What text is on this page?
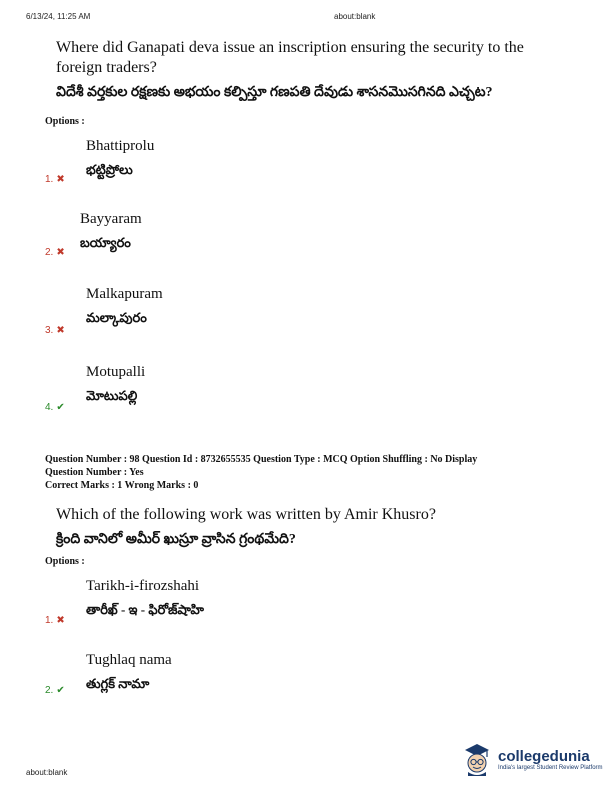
6/13/24, 11:25 AM	about:blank
Where did Ganapati deva issue an inscription ensuring the security to the foreign traders?
విదేశీ వర్తకుల రక్షణకు అభయం కల్పిస్తూ గణపతి దేవుడు శాసనమొసగినది ఎచ్చట?
Options :
Bhattiprolu
భట్టిప్రోలు
1. ✖
Bayyaram
బయ్యారం
2. ✖
Malkapuram
మల్కాపురం
3. ✖
Motupalli
మోటుపల్లి
4. ✔
Question Number : 98 Question Id : 8732655535 Question Type : MCQ Option Shuffling : No Display
Question Number : Yes
Correct Marks : 1 Wrong Marks : 0
Which of the following work was written by Amir Khusro?
క్రింది వానిలో అమీర్ ఖుస్రూ వ్రాసిన గ్రంథమేది?
Options :
Tarikh-i-firozshahi
తారీఖ్ - ఇ - ఫిరోజ్‌షాహి
1. ✖
Tughlaq nama
తుగ్లక్ నామా
2. ✔
about:blank
collegedunia
India's largest Student Review Platform
